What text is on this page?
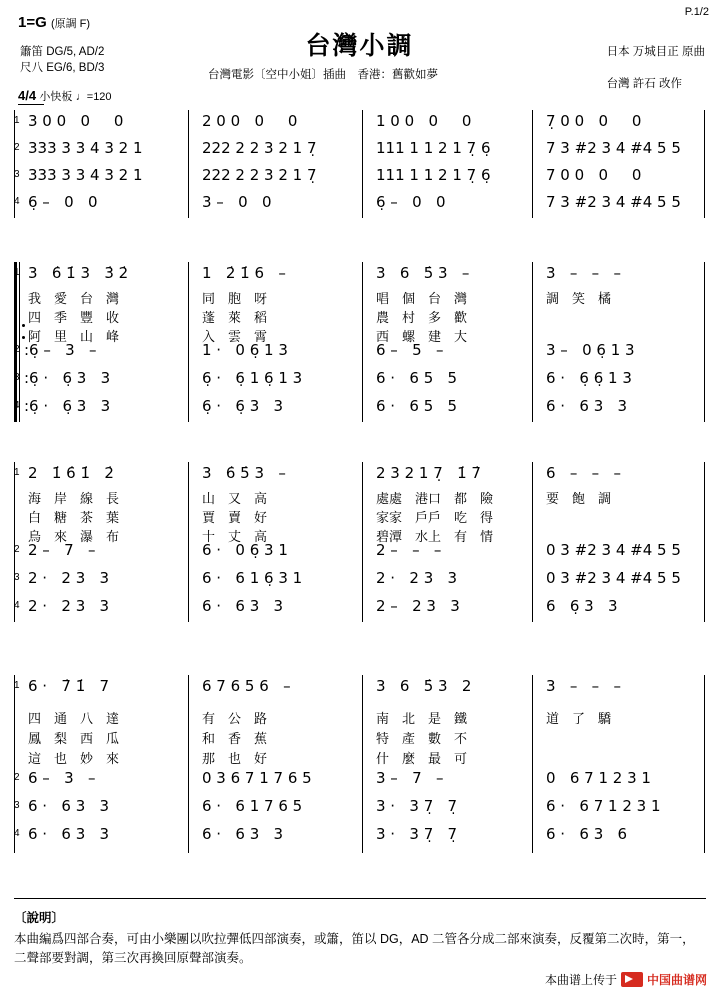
P.1/2
1=G (原調 F)
台灣小調
簫笛 DG/5, AD/2
尺八 EG/6, BD/3
日本 万城目正 原曲

台灣 許石 改作
台灣電影〔空中小姐〕插曲　香港：舊歡如夢
4/4 小快板 ♩=120
1
2
3
4
3 0 0   0     0
333 3 3 4 3 2 1
333 3 3 4 3 2 1
6̣ –   0   0
2 0 0   0     0
222 2 2 3 2 1 7̣
222 2 2 3 2 1 7̣
3 –   0   0
1 0 0   0     0
111 1 1 2 1 7̣ 6̣
111 1 1 2 1 7̣ 6̣
6̣ –   0   0
7̣ 0 0   0     0
7 3 #2 3 4 #4 5 5
7 0 0   0     0
7 3 #2 3 4 #4 5 5
1
2
3
4
3   6̇ 1̇ 3   3̇ 2̇
我　愛　台　灣
四　季　豐　收
阿　里　山　峰
:6̣ –   3   –
:6̣ ·   6̣ 3   3
:6̣ ·   6̣ 3   3
1   2̇ 1̇ 6   –
同　胞　呀
蓬　萊　稻
入　雲　霄
1 ·   0 6̣ 1 3
6̣ ·   6̣ 1 6̣ 1 3
6̣ ·   6̣ 3   3
3   6   5̇ 3   –
唱　個　台　灣
農　村　多　歡
西　螺　建　大
6 –   5   –
6 ·   6 5   5
6 ·   6 5   5
3   –   –   –
調　笑　橘
3 –   0 6̣ 1 3
6 ·   6̣ 6̣ 1 3
6 ·   6 3   3
1
2
3
4
2   1̇ 6̇ 1̇   2̇
海　岸　線　長
白　糖　茶　葉
烏　來　瀑　布
2 –   7   –
2 ·   2 3   3
2 ·   2 3   3
3   6̇ 5̇ 3   –
山　又　高
賈　賣　好
十　丈　高
6 ·   0 6̣ 3 1
6 ·   6 1 6̣ 3 1
6 ·   6 3   3
2 3 2 1 7̣   1̇ 7̇
處處　港口　都　險
家家　戶戶　吃　得
碧潭　水上　有　情
2 –   –   –
2 ·   2 3   3
2 –   2 3   3
6   –   –   –
要　飽　調
0 3 #2 3 4 #4 5 5
0 3 #2 3 4 #4 5 5
6   6̣ 3   3
1
2
3
4
6 ·   7̇ 1̇   7
四　通　八　達
鳳　梨　西　瓜
這　也　妙　來
6 –   3   –
6 ·   6 3   3
6 ·   6 3   3
6 7 6 5 6   –
有　公　路
和　香　蕉
那　也　好
0 3 6 7 1 7 6 5
6 ·   6 1 7 6 5
6 ·   6 3   3
3   6   5̇ 3   2
南　北　是　鐵
特　產　數　不
什　麼　最　可
3 –   7   –
3 ·   3 7̣   7̣
3 ·   3 7̣   7̣
3   –   –   –
道　了　驕
0   6 7 1 2 3 1
6 ·   6 7 1 2 3 1
6 ·   6 3   6
〔說明〕
本曲編爲四部合奏，可由小樂團以吹拉彈低四部演奏，或簫，笛以 DG，AD 二管各分成二部來演奏，反覆第二次時，第一，二聲部要對調，第三次再換回原聲部演奏。
本曲谱上传于	中国曲谱网
